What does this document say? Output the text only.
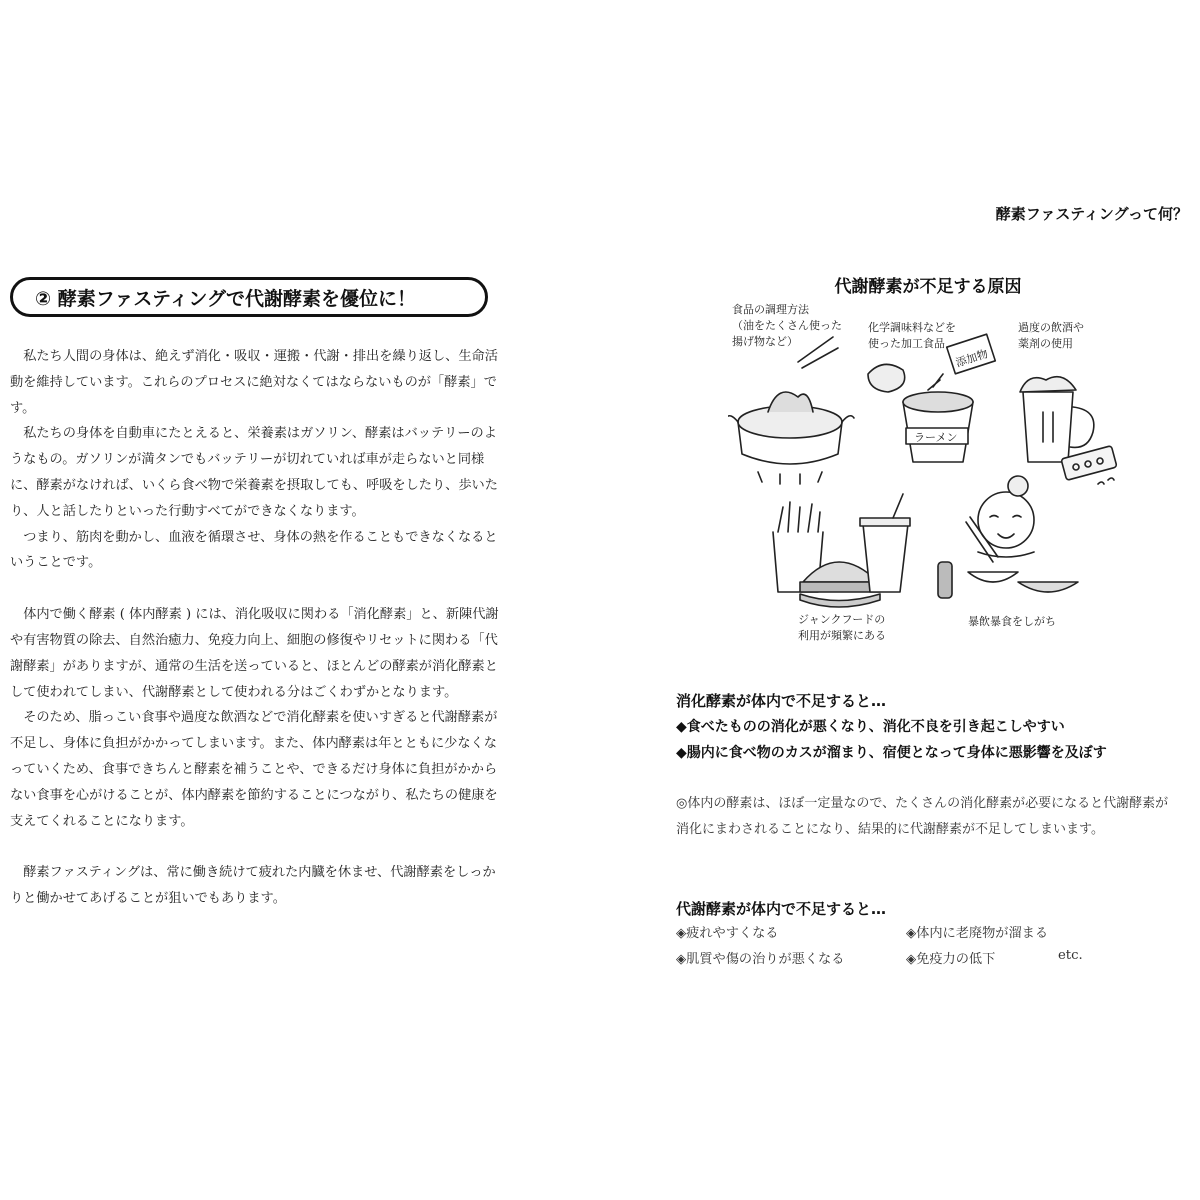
酵素ファスティングって何？
② 酵素ファスティングで代謝酵素を優位に！

私たち人間の身体は、絶えず消化・吸収・運搬・代謝・排出を繰り返し、生命活動を維持しています。これらのプロセスに絶対なくてはならないものが「酵素」です。

私たちの身体を自動車にたとえると、栄養素はガソリン、酵素はバッテリーのようなもの。ガソリンが満タンでもバッテリーが切れていれば車が走らないと同様に、酵素がなければ、いくら食べ物で栄養素を摂取しても、呼吸をしたり、歩いたり、人と話したりといった行動すべてができなくなります。

つまり、筋肉を動かし、血液を循環させ、身体の熱を作ることもできなくなるということです。

体内で働く酵素 ( 体内酵素 ) には、消化吸収に関わる「消化酵素」と、新陳代謝や有害物質の除去、自然治癒力、免疫力向上、細胞の修復やリセットに関わる「代謝酵素」がありますが、通常の生活を送っていると、ほとんどの酵素が消化酵素として使われてしまい、代謝酵素として使われる分はごくわずかとなります。

そのため、脂っこい食事や過度な飲酒などで消化酵素を使いすぎると代謝酵素が不足し、身体に負担がかかってしまいます。また、体内酵素は年とともに少なくなっていくため、食事できちんと酵素を補うことや、できるだけ身体に負担がかからない食事を心がけることが、体内酵素を節約することにつながり、私たちの健康を支えてくれることになります。

酵素ファスティングは、常に働き続けて疲れた内臓を休ませ、代謝酵素をしっかりと働かせてあげることが狙いでもあります。

代謝酵素が不足する原因
ラーメン
添加物
食品の調理方法
（油をたくさん使った
揚げ物など）
化学調味料などを
使った加工食品
過度の飲酒や
薬剤の使用
ジャンクフードの
利用が頻繁にある
暴飲暴食をしがち
消化酵素が体内で不足すると…
◆食べたものの消化が悪くなり、消化不良を引き起こしやすい
◆腸内に食べ物のカスが溜まり、宿便となって身体に悪影響を及ぼす
◎体内の酵素は、ほぼ一定量なので、たくさんの消化酵素が必要になると代謝酵素が消化にまわされることになり、結果的に代謝酵素が不足してしまいます。
代謝酵素が体内で不足すると…
◈疲れやすくなる	◈体内に老廃物が溜まる
◈肌質や傷の治りが悪くなる	◈免疫力の低下	etc.
